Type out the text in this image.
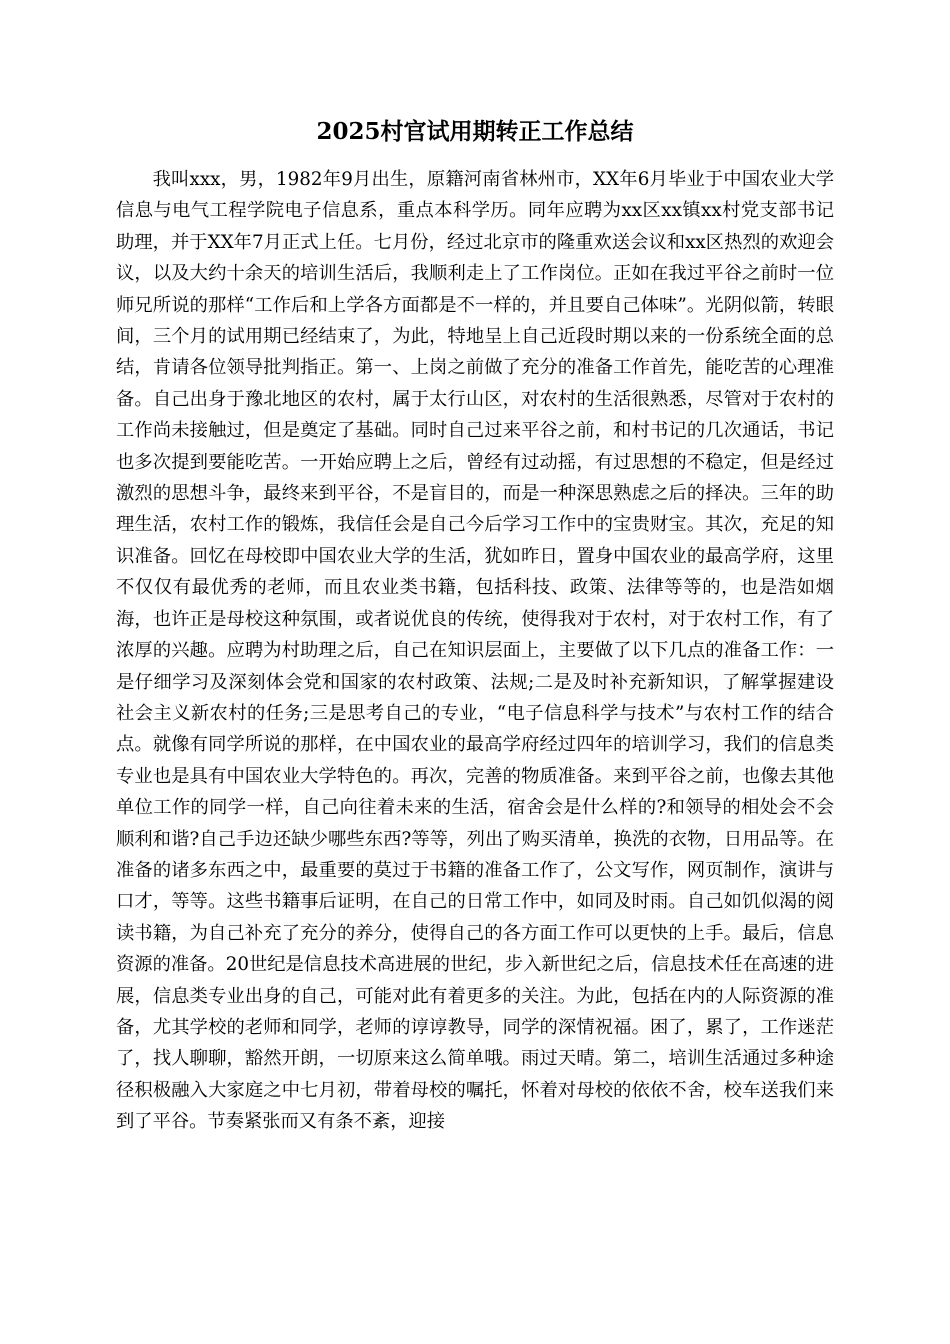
2025村官试用期转正工作总结

我叫xxx，男，1982年9月出生，原籍河南省林州市，XX年6月毕业于中国农业大学信息与电气工程学院电子信息系，重点本科学历。同年应聘为xx区xx镇xx村党支部书记助理，并于XX年7月正式上任。七月份，经过北京市的隆重欢送会议和xx区热烈的欢迎会议，以及大约十余天的培训生活后，我顺利走上了工作岗位。正如在我过平谷之前时一位师兄所说的那样“工作后和上学各方面都是不一样的，并且要自己体味”。光阴似箭，转眼间，三个月的试用期已经结束了，为此，特地呈上自己近段时期以来的一份系统全面的总结，肯请各位领导批判指正。第一、上岗之前做了充分的准备工作首先，能吃苦的心理准备。自己出身于豫北地区的农村，属于太行山区，对农村的生活很熟悉，尽管对于农村的工作尚未接触过，但是奠定了基础。同时自己过来平谷之前，和村书记的几次通话，书记也多次提到要能吃苦。一开始应聘上之后，曾经有过动摇，有过思想的不稳定，但是经过激烈的思想斗争，最终来到平谷，不是盲目的，而是一种深思熟虑之后的择决。三年的助理生活，农村工作的锻炼，我信任会是自己今后学习工作中的宝贵财宝。其次，充足的知识准备。回忆在母校即中国农业大学的生活，犹如昨日，置身中国农业的最高学府，这里不仅仅有最优秀的老师，而且农业类书籍，包括科技、政策、法律等等的，也是浩如烟海，也许正是母校这种氛围，或者说优良的传统，使得我对于农村，对于农村工作，有了浓厚的兴趣。应聘为村助理之后，自己在知识层面上，主要做了以下几点的准备工作：一是仔细学习及深刻体会党和国家的农村政策、法规;二是及时补充新知识，了解掌握建设社会主义新农村的任务;三是思考自己的专业，“电子信息科学与技术”与农村工作的结合点。就像有同学所说的那样，在中国农业的最高学府经过四年的培训学习，我们的信息类专业也是具有中国农业大学特色的。再次，完善的物质准备。来到平谷之前，也像去其他单位工作的同学一样，自己向往着未来的生活，宿舍会是什么样的?和领导的相处会不会顺利和谐?自己手边还缺少哪些东西?等等，列出了购买清单，换洗的衣物，日用品等。在准备的诸多东西之中，最重要的莫过于书籍的准备工作了，公文写作，网页制作，演讲与口才，等等。这些书籍事后证明，在自己的日常工作中，如同及时雨。自己如饥似渴的阅读书籍，为自己补充了充分的养分，使得自己的各方面工作可以更快的上手。最后，信息资源的准备。20世纪是信息技术高进展的世纪，步入新世纪之后，信息技术任在高速的进展，信息类专业出身的自己，可能对此有着更多的关注。为此，包括在内的人际资源的准备，尤其学校的老师和同学，老师的谆谆教导，同学的深情祝福。困了，累了，工作迷茫了，找人聊聊，豁然开朗，一切原来这么简单哦。雨过天晴。第二，培训生活通过多种途径积极融入大家庭之中七月初，带着母校的嘱托，怀着对母校的依依不舍，校车送我们来到了平谷。节奏紧张而又有条不紊，迎接
